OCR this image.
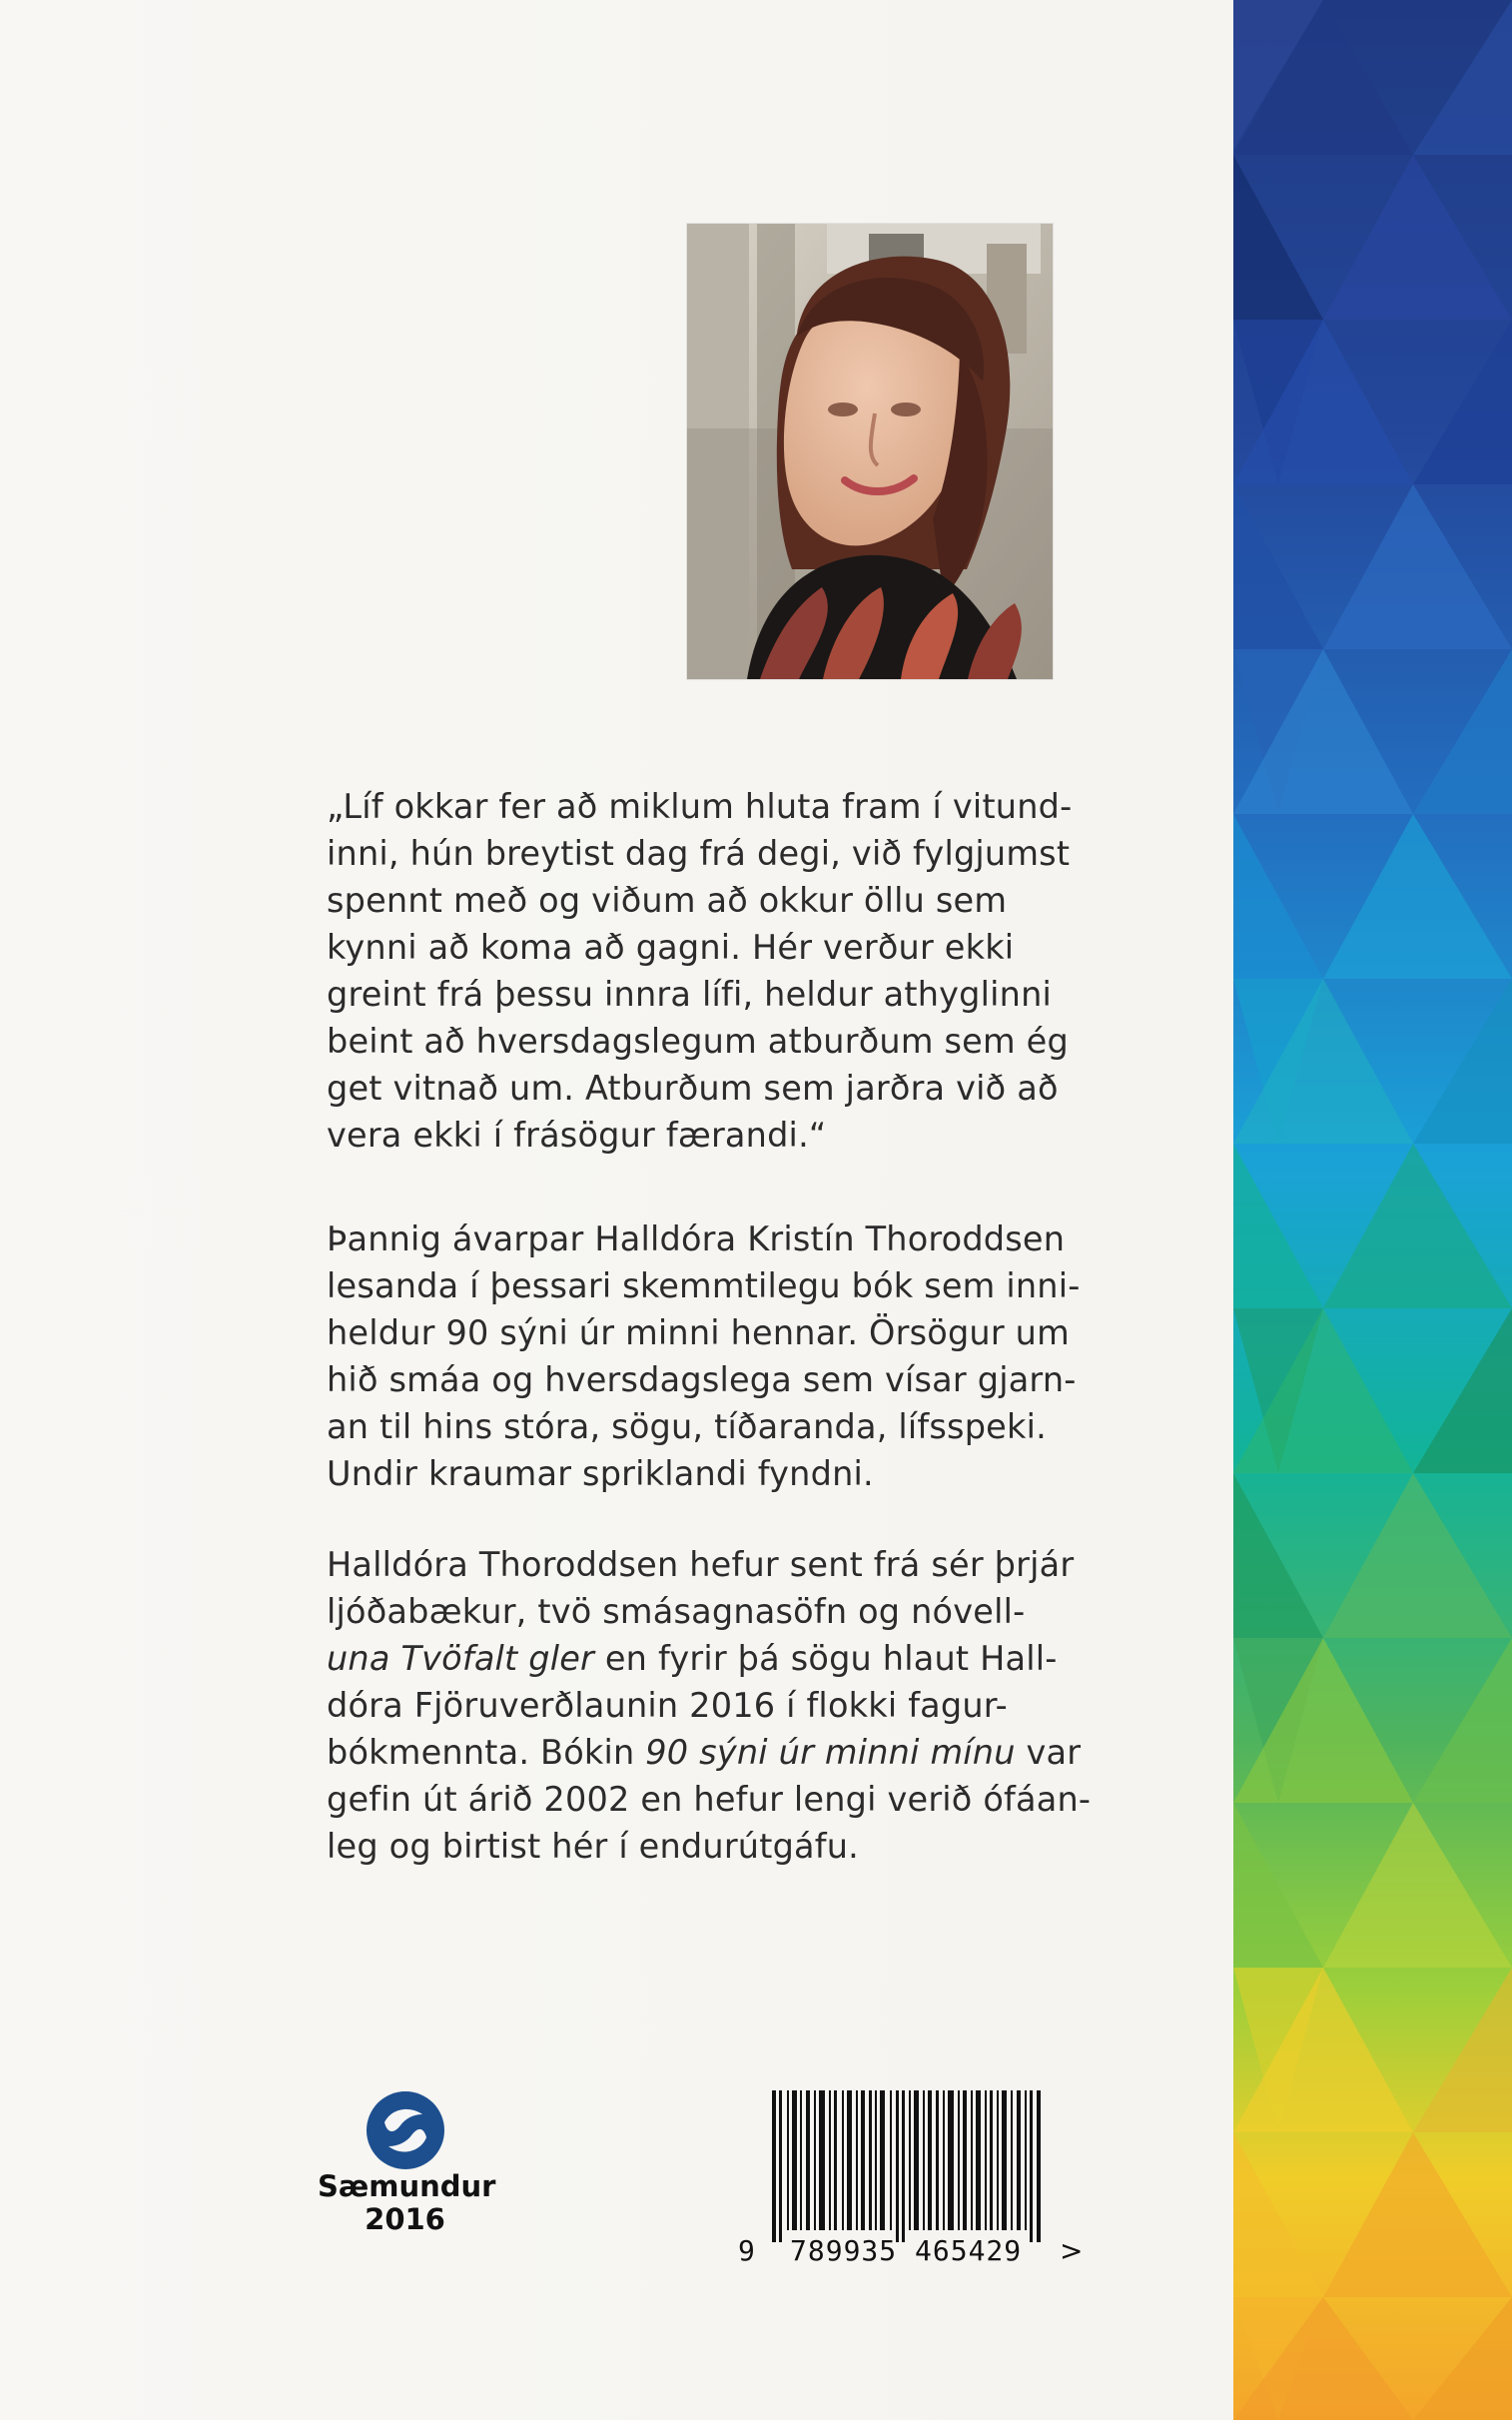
„Líf okkar fer að miklum hluta fram í vitund-
inni, hún breytist dag frá degi, við fylgjumst
spennt með og viðum að okkur öllu sem
kynni að koma að gagni. Hér verður ekki
greint frá þessu innra lífi, heldur athyglinni
beint að hversdagslegum atburðum sem ég
get vitnað um. Atburðum sem jarðra við að
vera ekki í frásögur færandi.“
Þannig ávarpar Halldóra Kristín Thoroddsen
lesanda í þessari skemmtilegu bók sem inni-
heldur 90 sýni úr minni hennar. Örsögur um
hið smáa og hversdagslega sem vísar gjarn-
an til hins stóra, sögu, tíðaranda, lífsspeki.
Undir kraumar spriklandi fyndni.
Halldóra Thoroddsen hefur sent frá sér þrjár
ljóðabækur, tvö smásagnasöfn og nóvell-
una Tvöfalt gler en fyrir þá sögu hlaut Hall-
dóra Fjöruverðlaunin 2016 í flokki fagur-
bókmennta. Bókin 90 sýni úr minni mínu var
gefin út árið 2002 en hefur lengi verið ófáan-
leg og birtist hér í endurútgáfu.
Sæmundur
2016
9 789935 465429	>
